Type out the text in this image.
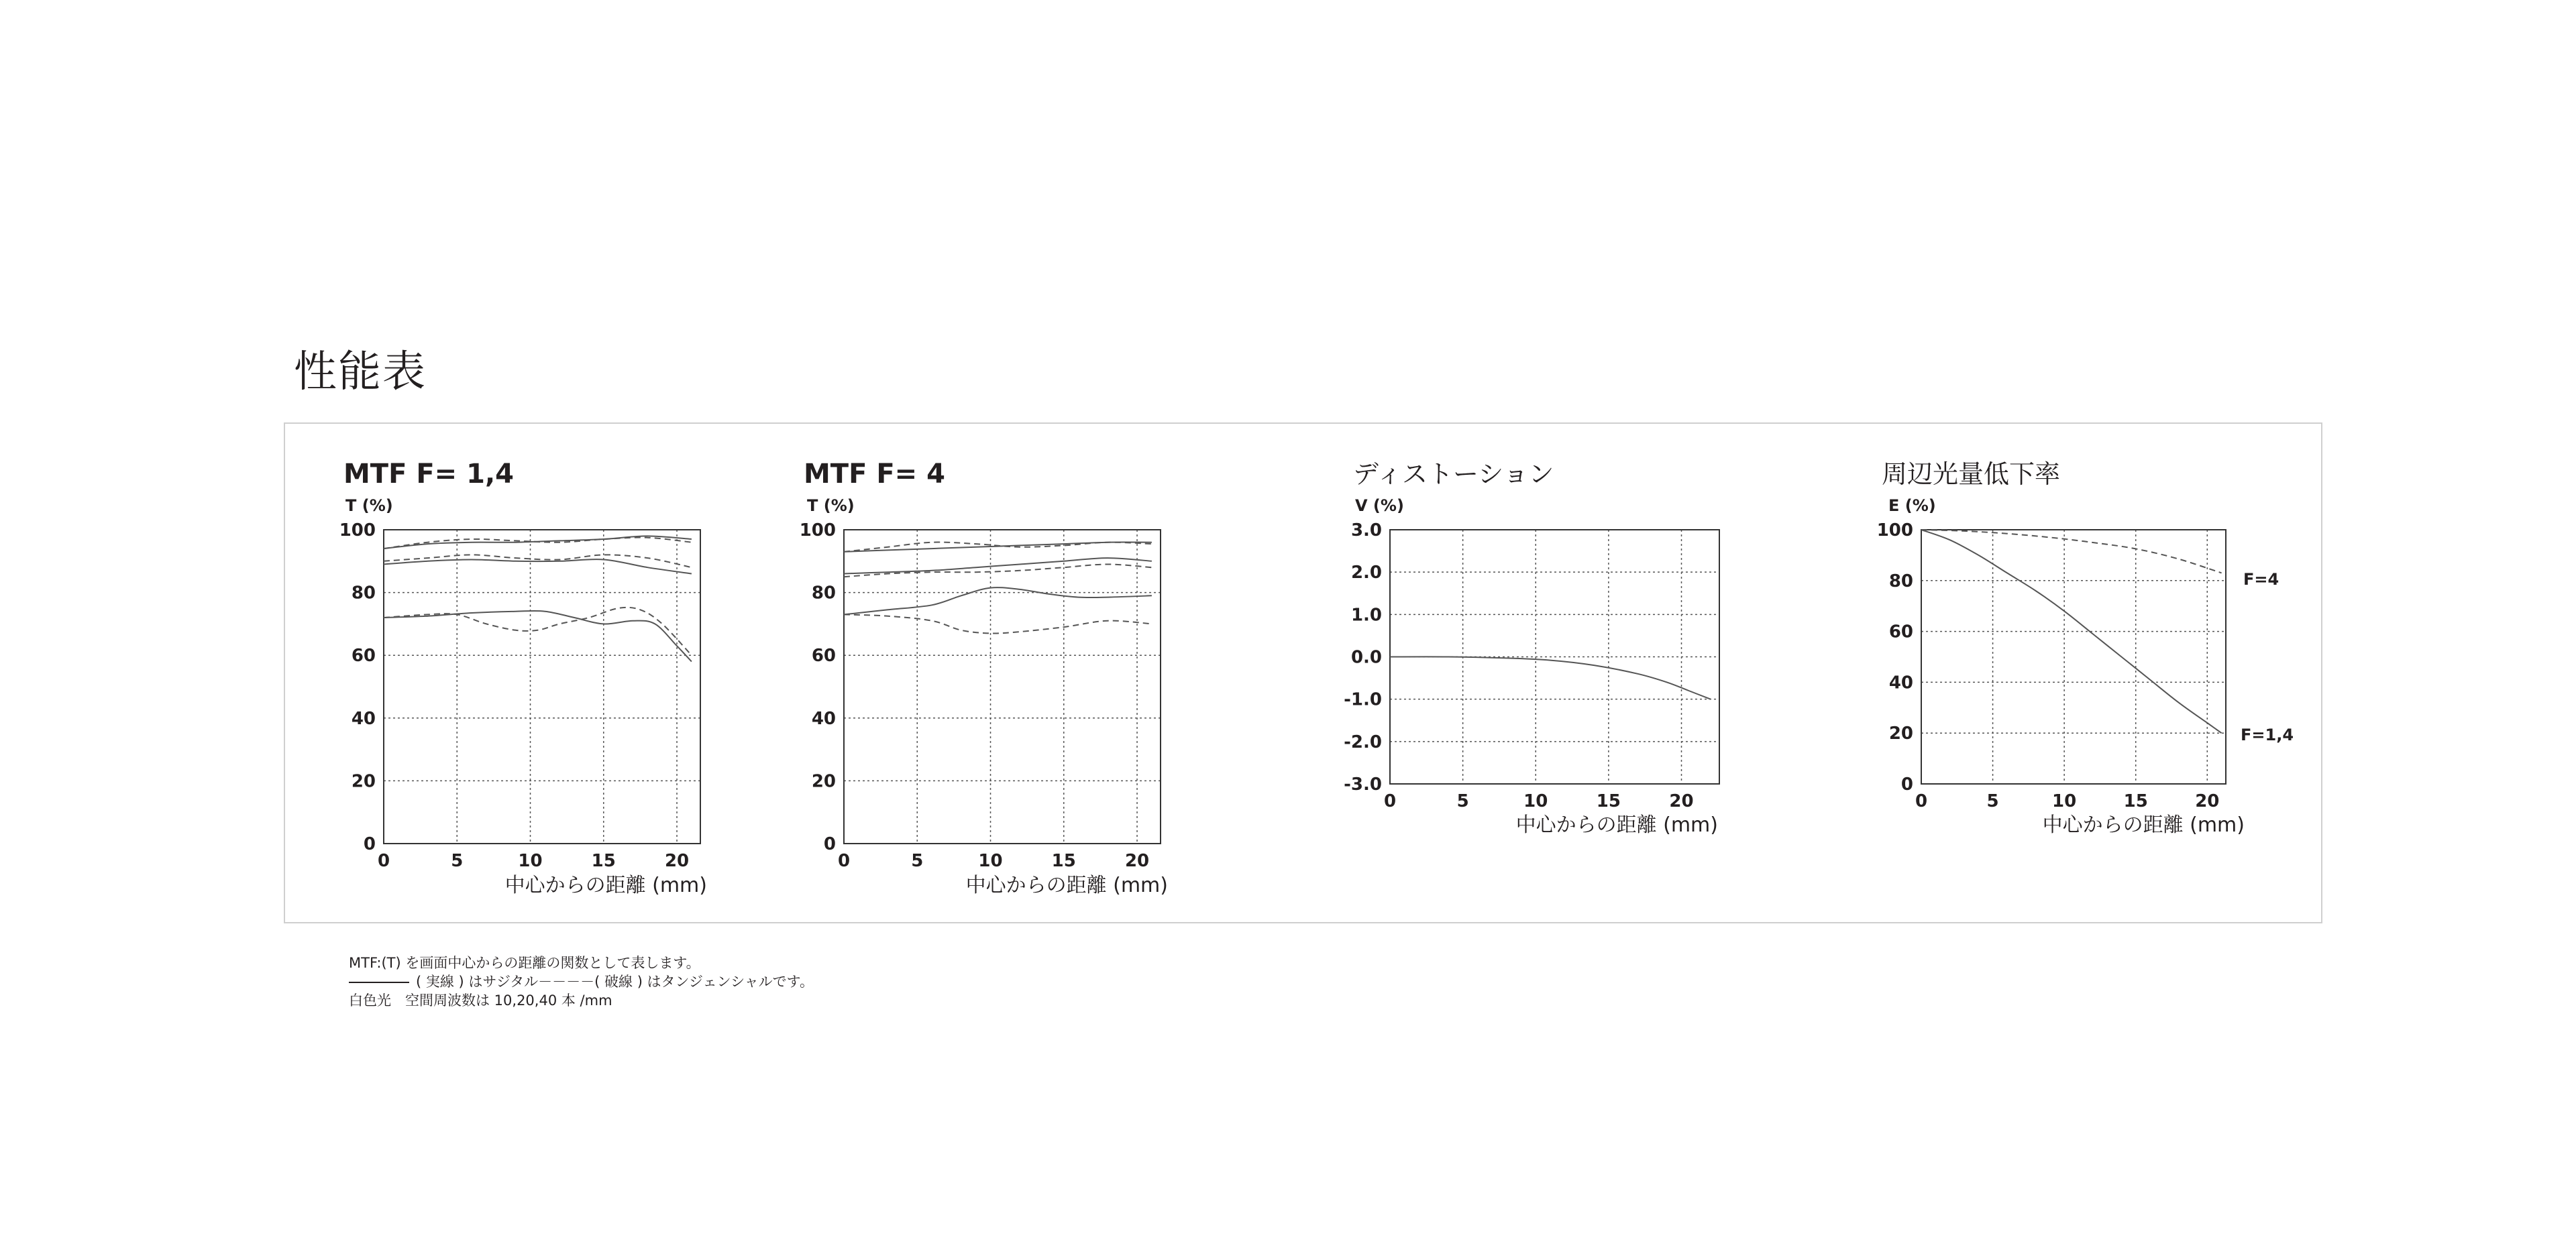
性能表
MTF F= 1,4
T (%)
中心からの距離 (mm)
0	5	10	15	20
0
20
40
60
80
100
MTF F= 4
T (%)
中心からの距離 (mm)
0	5	10	15	20
0
20
40
60
80
100
ディストーション
V (%)
中心からの距離 (mm)
0	5	10	15	20
-3.0
-2.0
-1.0
0.0
1.0
2.0
3.0
周辺光量低下率
E (%)
中心からの距離 (mm)
0	5	10	15	20
0
20
40
60
80
100
F=4
F=1,4
MTF:(T) を画面中心からの距離の関数として表します。
( 実線 ) はサジタル－－－－( 破線 ) はタンジェンシャルです。
白色光　空間周波数は 10,20,40 本 /mm
